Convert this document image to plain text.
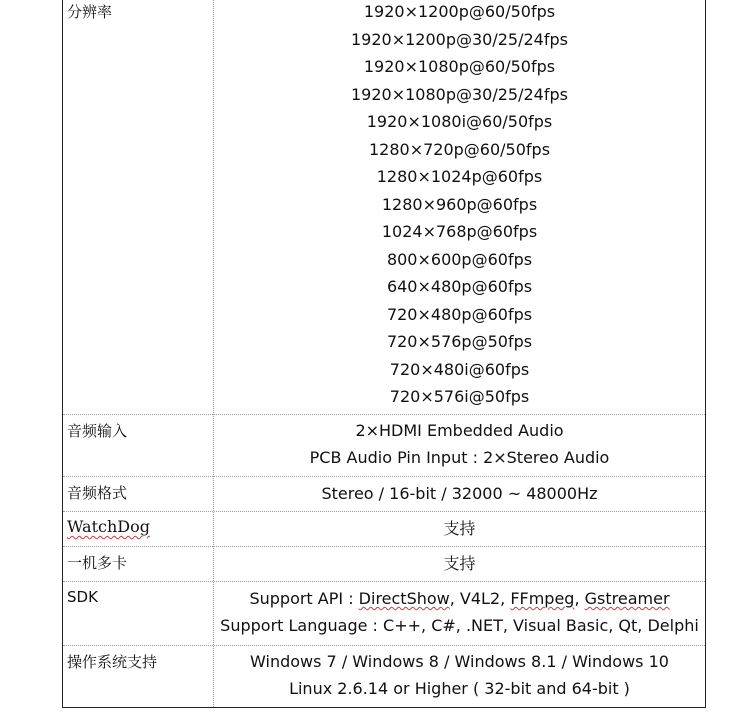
分辨率	1920×1200p@60/50fps
1920×1200p@30/25/24fps
1920×1080p@60/50fps
1920×1080p@30/25/24fps
1920×1080i@60/50fps
1280×720p@60/50fps
1280×1024p@60fps
1280×960p@60fps
1024×768p@60fps
800×600p@60fps
640×480p@60fps
720×480p@60fps
720×576p@50fps
720×480i@60fps
720×576i@50fps
音频输入	2×HDMI Embedded Audio
PCB Audio Pin Input : 2×Stereo Audio
音频格式	Stereo / 16-bit / 32000 ~ 48000Hz
WatchDog	支持
一机多卡	支持
SDK	Support API : DirectShow, V4L2, FFmpeg, Gstreamer
Support Language : C++, C#, .NET, Visual Basic, Qt, Delphi
操作系统支持	Windows 7 / Windows 8 / Windows 8.1 / Windows 10
Linux 2.6.14 or Higher ( 32-bit and 64-bit )
